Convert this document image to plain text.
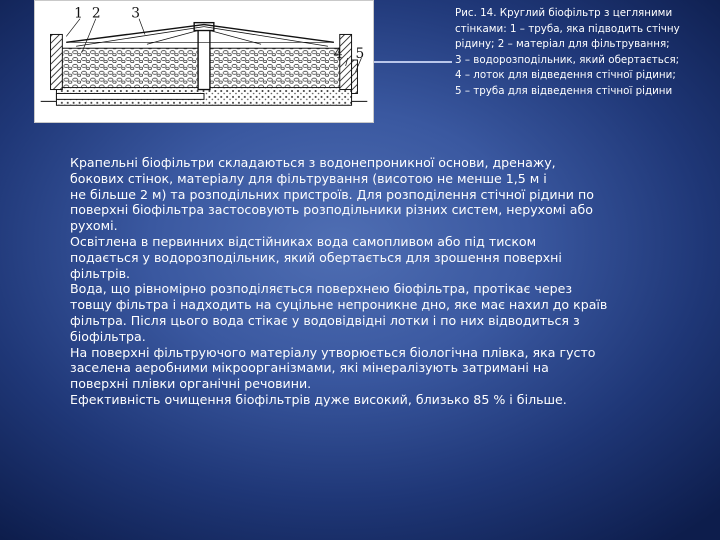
1 2 3
4 5
Рис. 14. Круглий біофільтр з цегляними
стінками: 1 – труба, яка підводить стічну
рідину; 2 – матеріал для фільтрування;
3 – водорозподільник, який обертається;
4 – лоток для відведення стічної рідини;
5 – труба для відведення стічної рідини
Крапельні біофільтри складаються з водонепроникної основи, дренажу,
бокових стінок, матеріалу для фільтрування (висотою не менше 1,5 м і
не більше 2 м) та розподільних пристроїв. Для розподілення стічної рідини по
поверхні біофільтра застосовують розподільники різних систем, нерухомі або
рухомі.
Освітлена в первинних відстійниках вода самопливом або під тиском
подається у водорозподільник, який обертається для зрошення поверхні
фільтрів.
Вода, що рівномірно розподіляється поверхнею біофільтра, протікає через
товщу фільтра і надходить на суцільне непроникне дно, яке має нахил до країв
фільтра. Після цього вода стікає у водовідвідні лотки і по них відводиться з
біофільтра.
На поверхні фільтруючого матеріалу утворюється біологічна плівка, яка густо
заселена аеробними мікроорганізмами, які мінералізують затримані на
поверхні плівки органічні речовини.
Ефективність очищення біофільтрів дуже високий, близько 85 % і більше.
